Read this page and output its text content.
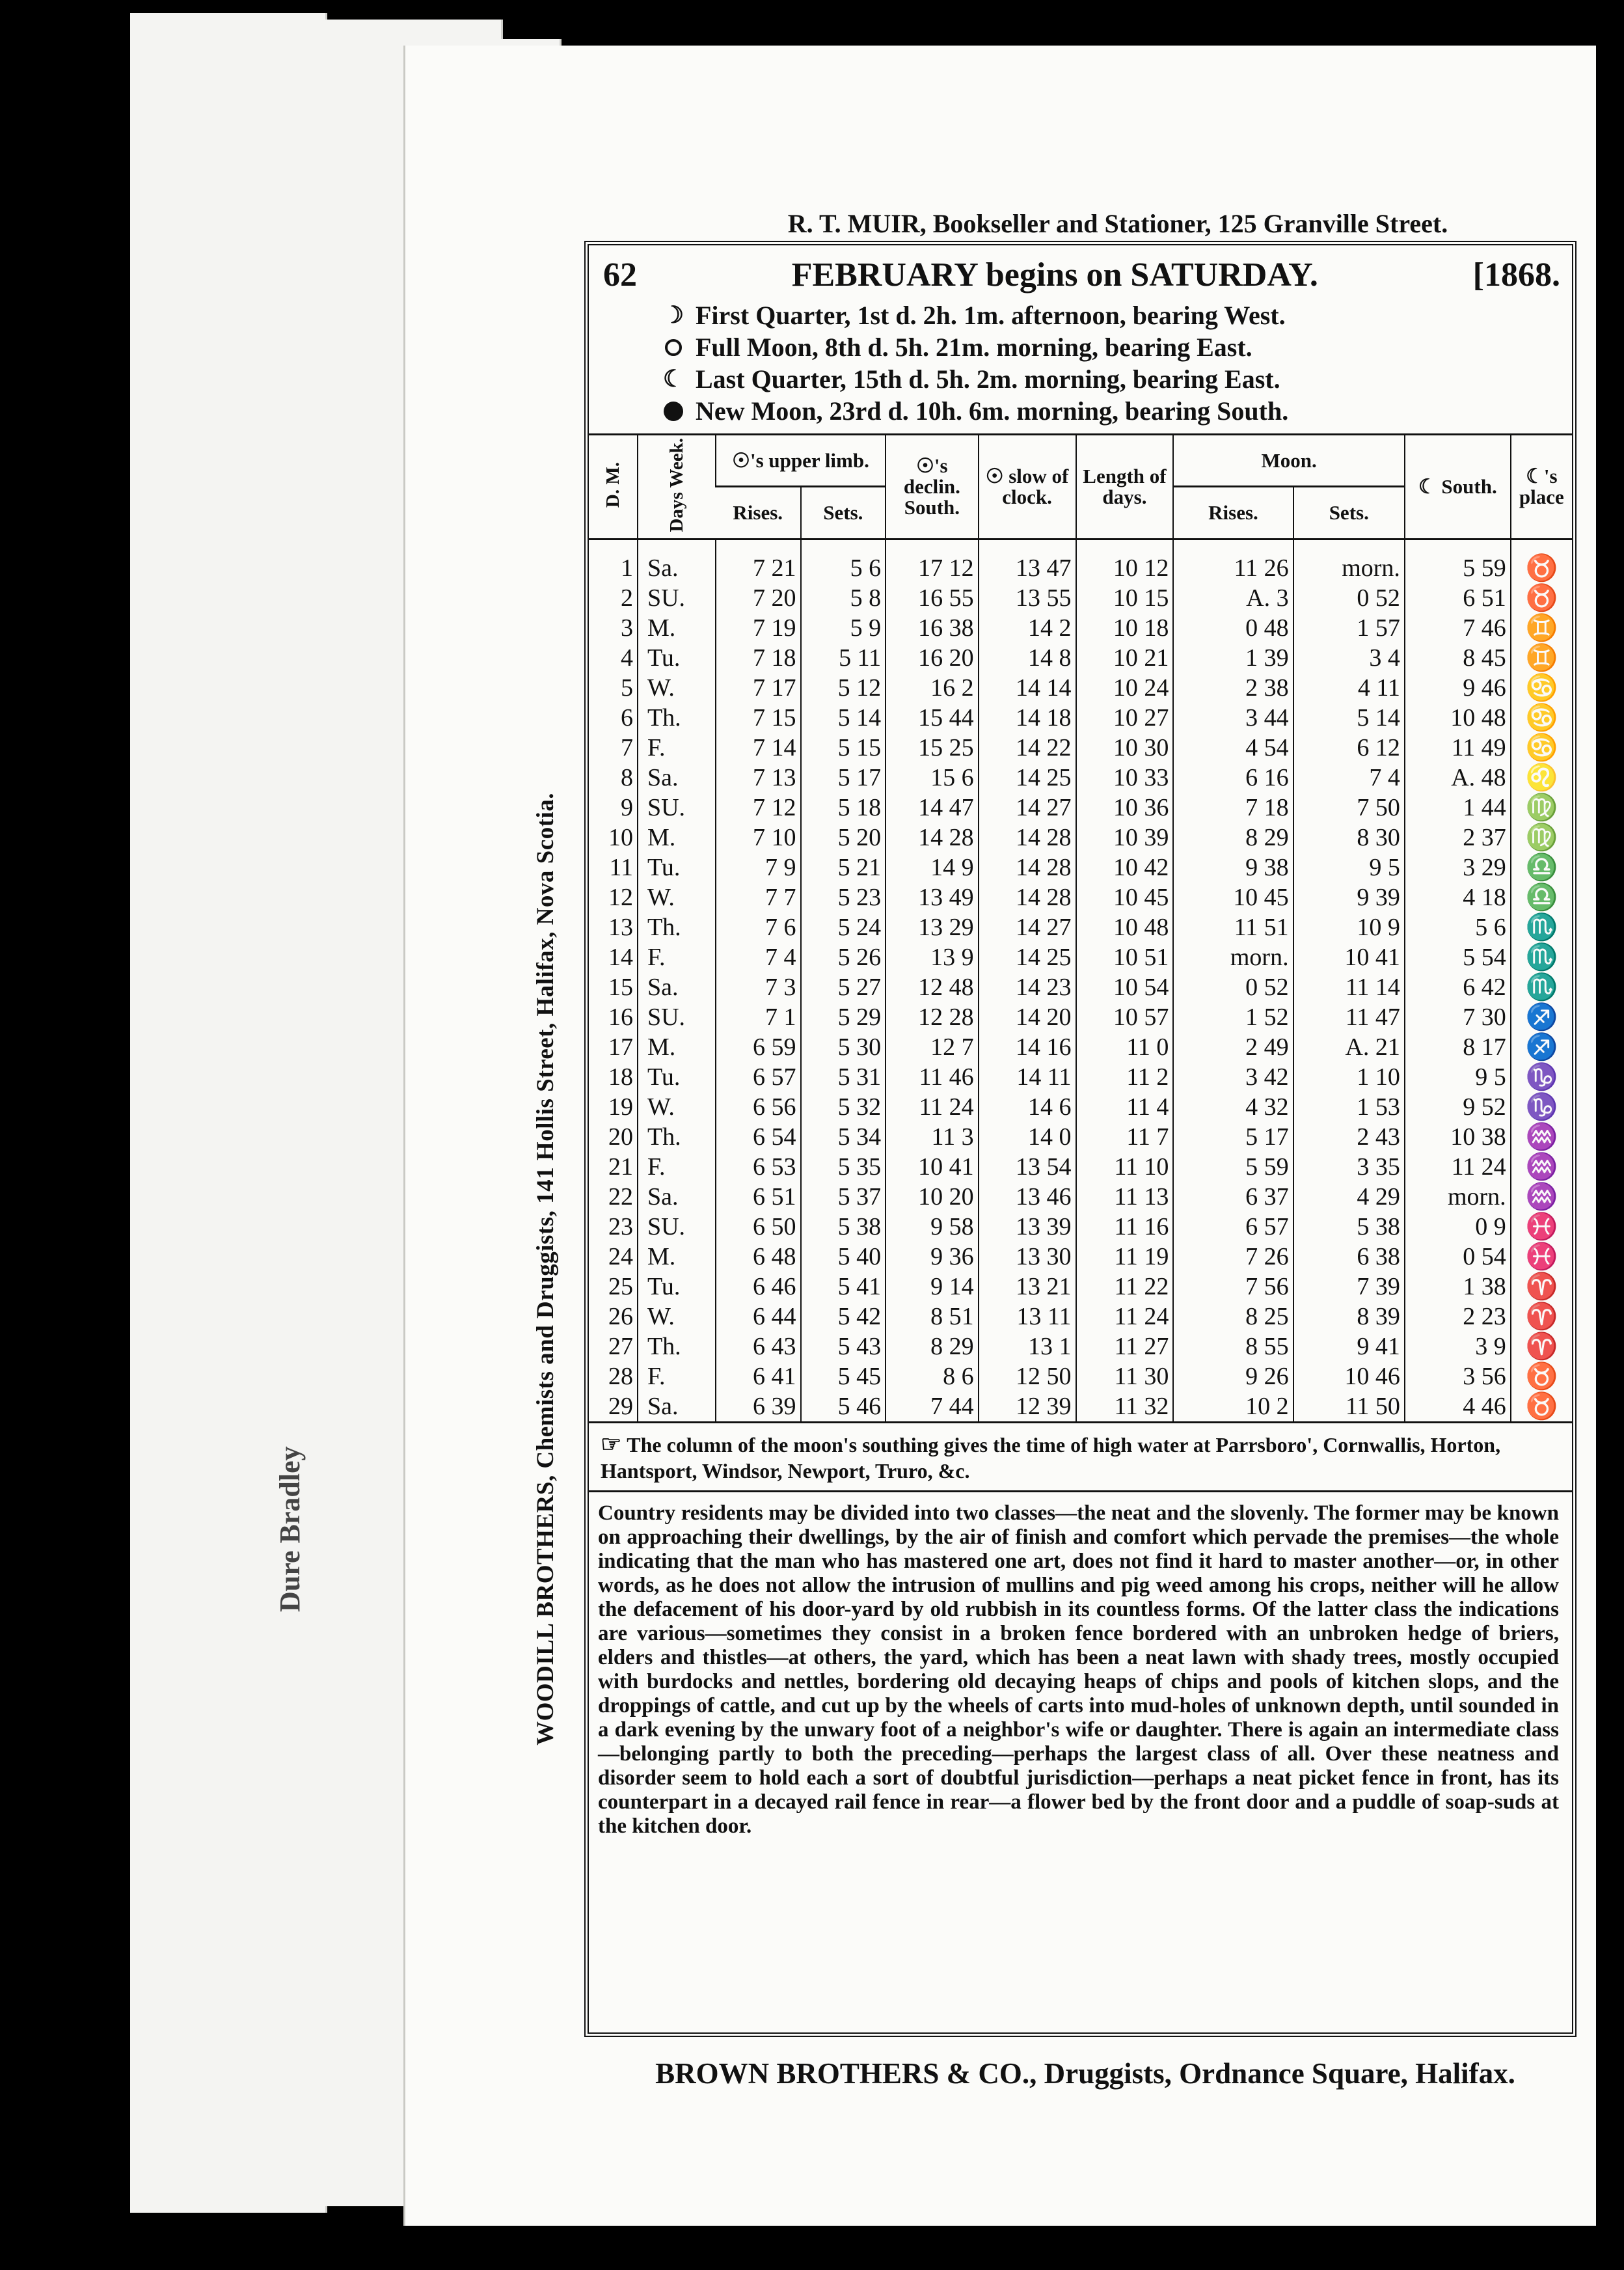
Dure Bradley
R. T. MUIR, Bookseller and Stationer, 125 Granville Street.
WOODILL BROTHERS, Chemists and Druggists, 141 Hollis Street, Halifax, Nova Scotia.
62	FEBRUARY begins on SATURDAY.	[1868.
☽ First Quarter, 1st d. 2h. 1m. afternoon, bearing West.
Full Moon, 8th d. 5h. 21m. morning, bearing East.
☾ Last Quarter, 15th d. 5h. 2m. morning, bearing East.
New Moon, 23rd d. 10h. 6m. morning, bearing South.
D. M.	Days Week.	☉'s upper limb.		☉'s declin. South.	☉ slow of clock.	Length of days.	Moon.		☾ South.	☾'s place
		Rises.	Sets.				Rises.	Sets.		
1	Sa.	7 21	5 6	17 12	13 47	10 12	11 26	morn.	5 59	♉
2	SU.	7 20	5 8	16 55	13 55	10 15	A. 3	0 52	6 51	♉
3	M.	7 19	5 9	16 38	14 2	10 18	0 48	1 57	7 46	♊
4	Tu.	7 18	5 11	16 20	14 8	10 21	1 39	3 4	8 45	♊
5	W.	7 17	5 12	16 2	14 14	10 24	2 38	4 11	9 46	♋
6	Th.	7 15	5 14	15 44	14 18	10 27	3 44	5 14	10 48	♋
7	F.	7 14	5 15	15 25	14 22	10 30	4 54	6 12	11 49	♋
8	Sa.	7 13	5 17	15 6	14 25	10 33	6 16	7 4	A. 48	♌
9	SU.	7 12	5 18	14 47	14 27	10 36	7 18	7 50	1 44	♍
10	M.	7 10	5 20	14 28	14 28	10 39	8 29	8 30	2 37	♍
11	Tu.	7 9	5 21	14 9	14 28	10 42	9 38	9 5	3 29	♎
12	W.	7 7	5 23	13 49	14 28	10 45	10 45	9 39	4 18	♎
13	Th.	7 6	5 24	13 29	14 27	10 48	11 51	10 9	5 6	♏
14	F.	7 4	5 26	13 9	14 25	10 51	morn.	10 41	5 54	♏
15	Sa.	7 3	5 27	12 48	14 23	10 54	0 52	11 14	6 42	♏
16	SU.	7 1	5 29	12 28	14 20	10 57	1 52	11 47	7 30	♐
17	M.	6 59	5 30	12 7	14 16	11 0	2 49	A. 21	8 17	♐
18	Tu.	6 57	5 31	11 46	14 11	11 2	3 42	1 10	9 5	♑
19	W.	6 56	5 32	11 24	14 6	11 4	4 32	1 53	9 52	♑
20	Th.	6 54	5 34	11 3	14 0	11 7	5 17	2 43	10 38	♒
21	F.	6 53	5 35	10 41	13 54	11 10	5 59	3 35	11 24	♒
22	Sa.	6 51	5 37	10 20	13 46	11 13	6 37	4 29	morn.	♒
23	SU.	6 50	5 38	9 58	13 39	11 16	6 57	5 38	0 9	♓
24	M.	6 48	5 40	9 36	13 30	11 19	7 26	6 38	0 54	♓
25	Tu.	6 46	5 41	9 14	13 21	11 22	7 56	7 39	1 38	♈
26	W.	6 44	5 42	8 51	13 11	11 24	8 25	8 39	2 23	♈
27	Th.	6 43	5 43	8 29	13 1	11 27	8 55	9 41	3 9	♈
28	F.	6 41	5 45	8 6	12 50	11 30	9 26	10 46	3 56	♉
29	Sa.	6 39	5 46	7 44	12 39	11 32	10 2	11 50	4 46	♉
☞ The column of the moon's southing gives the time of high water at Parrsboro', Cornwallis, Horton, Hantsport, Windsor, Newport, Truro, &c.
Country residents may be divided into two classes—the neat and the slovenly. The former may be known on approaching their dwellings, by the air of finish and comfort which pervade the premises—the whole indicating that the man who has mastered one art, does not find it hard to master another—or, in other words, as he does not allow the intrusion of mullins and pig weed among his crops, neither will he allow the defacement of his door-yard by old rubbish in its countless forms. Of the latter class the indications are various—sometimes they consist in a broken fence bordered with an unbroken hedge of briers, elders and thistles—at others, the yard, which has been a neat lawn with shady trees, mostly occupied with burdocks and nettles, bordering old decaying heaps of chips and pools of kitchen slops, and the droppings of cattle, and cut up by the wheels of carts into mud-holes of unknown depth, until sounded in a dark evening by the unwary foot of a neighbor's wife or daughter. There is again an intermediate class—belonging partly to both the preceding—perhaps the largest class of all. Over these neatness and disorder seem to hold each a sort of doubtful jurisdiction—perhaps a neat picket fence in front, has its counterpart in a decayed rail fence in rear—a flower bed by the front door and a puddle of soap-suds at the kitchen door.
BROWN BROTHERS & CO., Druggists, Ordnance Square, Halifax.
